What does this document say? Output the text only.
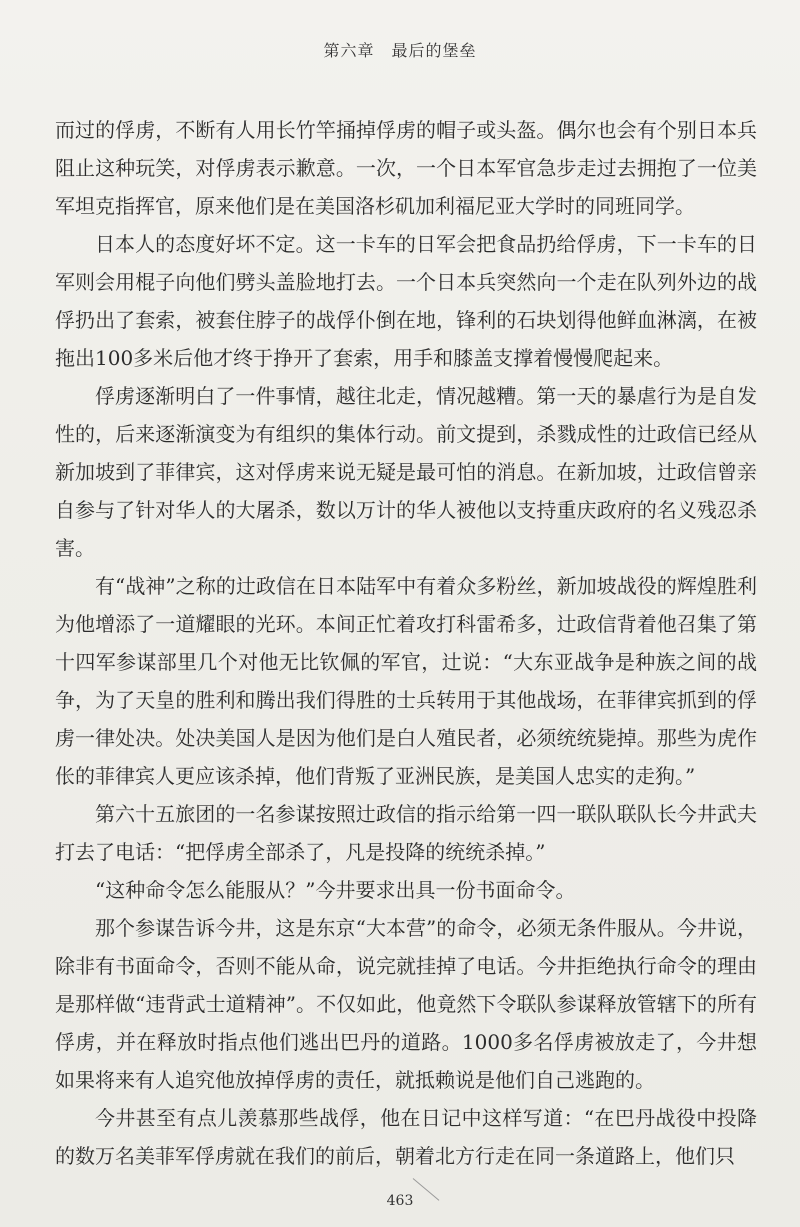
第六章　最后的堡垒

而过的俘虏，不断有人用长竹竿捅掉俘虏的帽子或头盔。偶尔也会有个别日本兵阻止这种玩笑，对俘虏表示歉意。一次，一个日本军官急步走过去拥抱了一位美军坦克指挥官，原来他们是在美国洛杉矶加利福尼亚大学时的同班同学。

日本人的态度好坏不定。这一卡车的日军会把食品扔给俘虏，下一卡车的日军则会用棍子向他们劈头盖脸地打去。一个日本兵突然向一个走在队列外边的战俘扔出了套索，被套住脖子的战俘仆倒在地，锋利的石块划得他鲜血淋漓，在被拖出100多米后他才终于挣开了套索，用手和膝盖支撑着慢慢爬起来。

俘虏逐渐明白了一件事情，越往北走，情况越糟。第一天的暴虐行为是自发性的，后来逐渐演变为有组织的集体行动。前文提到，杀戮成性的辻政信已经从新加坡到了菲律宾，这对俘虏来说无疑是最可怕的消息。在新加坡，辻政信曾亲自参与了针对华人的大屠杀，数以万计的华人被他以支持重庆政府的名义残忍杀害。

有“战神”之称的辻政信在日本陆军中有着众多粉丝，新加坡战役的辉煌胜利为他增添了一道耀眼的光环。本间正忙着攻打科雷希多，辻政信背着他召集了第十四军参谋部里几个对他无比钦佩的军官，辻说：“大东亚战争是种族之间的战争，为了天皇的胜利和腾出我们得胜的士兵转用于其他战场，在菲律宾抓到的俘虏一律处决。处决美国人是因为他们是白人殖民者，必须统统毙掉。那些为虎作伥的菲律宾人更应该杀掉，他们背叛了亚洲民族，是美国人忠实的走狗。”

第六十五旅团的一名参谋按照辻政信的指示给第一四一联队联队长今井武夫打去了电话：“把俘虏全部杀了，凡是投降的统统杀掉。”

“这种命令怎么能服从？”今井要求出具一份书面命令。

那个参谋告诉今井，这是东京“大本营”的命令，必须无条件服从。今井说，除非有书面命令，否则不能从命，说完就挂掉了电话。今井拒绝执行命令的理由是那样做“违背武士道精神”。不仅如此，他竟然下令联队参谋释放管辖下的所有俘虏，并在释放时指点他们逃出巴丹的道路。1000多名俘虏被放走了，今井想如果将来有人追究他放掉俘虏的责任，就抵赖说是他们自己逃跑的。

今井甚至有点儿羡慕那些战俘，他在日记中这样写道：“在巴丹战役中投降的数万名美菲军俘虏就在我们的前后，朝着北方行走在同一条道路上，他们只

463
